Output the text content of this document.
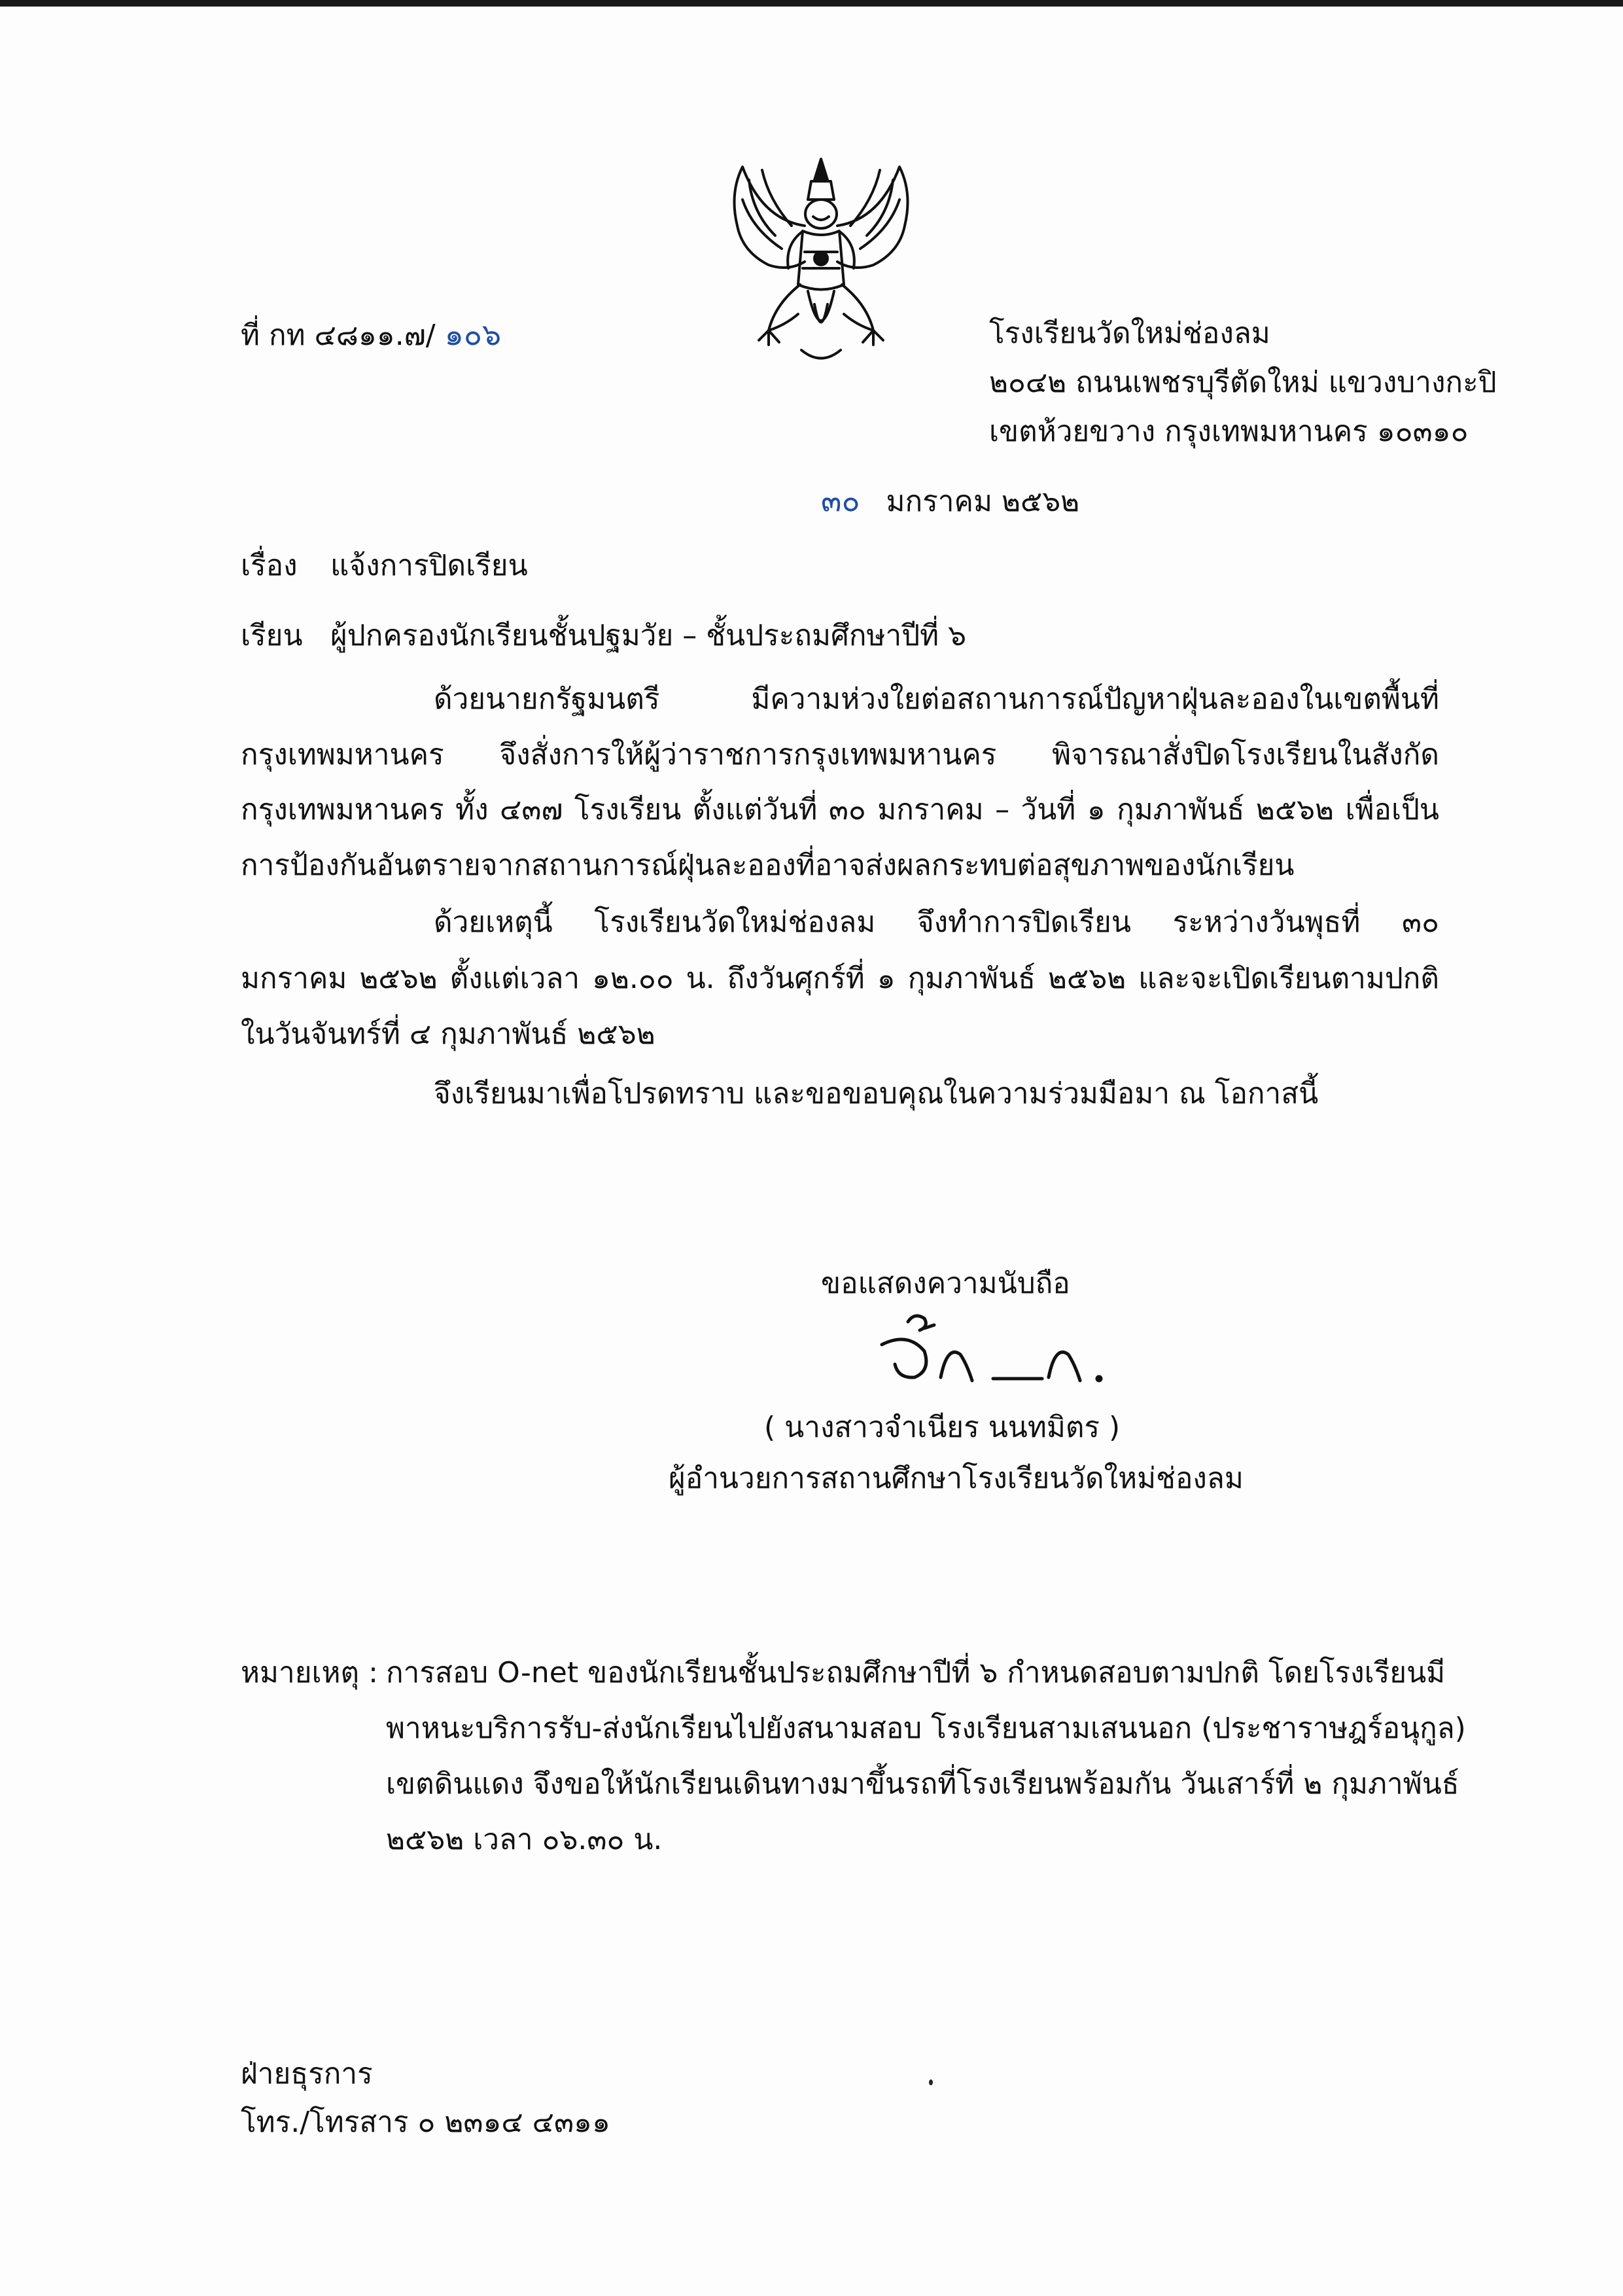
ที่ กท ๔๘๑๑.๗/ ๑๐๖	โรงเรียนวัดใหม่ช่องลม
๒๐๔๒ ถนนเพชรบุรีตัดใหม่ แขวงบางกะปิ
เขตห้วยขวาง กรุงเทพมหานคร ๑๐๓๑๐
๓๐ มกราคม ๒๕๖๒
เรื่อง แจ้งการปิดเรียน
เรียน ผู้ปกครองนักเรียนชั้นปฐมวัย – ชั้นประถมศึกษาปีที่ ๖
ด้วยนายกรัฐมนตรี มีความห่วงใยต่อสถานการณ์ปัญหาฝุ่นละอองในเขตพื้นที่
กรุงเทพมหานคร จึงสั่งการให้ผู้ว่าราชการกรุงเทพมหานคร พิจารณาสั่งปิดโรงเรียนในสังกัด
กรุงเทพมหานคร ทั้ง ๔๓๗ โรงเรียน ตั้งแต่วันที่ ๓๐ มกราคม – วันที่ ๑ กุมภาพันธ์ ๒๕๖๒ เพื่อเป็น
การป้องกันอันตรายจากสถานการณ์ฝุ่นละอองที่อาจส่งผลกระทบต่อสุขภาพของนักเรียน
ด้วยเหตุนี้ โรงเรียนวัดใหม่ช่องลม จึงทำการปิดเรียน ระหว่างวันพุธที่ ๓๐
มกราคม ๒๕๖๒ ตั้งแต่เวลา ๑๒.๐๐ น. ถึงวันศุกร์ที่ ๑ กุมภาพันธ์ ๒๕๖๒ และจะเปิดเรียนตามปกติ
ในวันจันทร์ที่ ๔ กุมภาพันธ์ ๒๕๖๒
จึงเรียนมาเพื่อโปรดทราบ และขอขอบคุณในความร่วมมือมา ณ โอกาสนี้
ขอแสดงความนับถือ
( นางสาวจำเนียร นนทมิตร )
ผู้อำนวยการสถานศึกษาโรงเรียนวัดใหม่ช่องลม
หมายเหตุ : การสอบ O-net ของนักเรียนชั้นประถมศึกษาปีที่ ๖ กำหนดสอบตามปกติ โดยโรงเรียนมี
พาหนะบริการรับ-ส่งนักเรียนไปยังสนามสอบ โรงเรียนสามเสนนอก (ประชาราษฎร์อนุกูล)
เขตดินแดง จึงขอให้นักเรียนเดินทางมาขึ้นรถที่โรงเรียนพร้อมกัน วันเสาร์ที่ ๒ กุมภาพันธ์
๒๕๖๒ เวลา ๐๖.๓๐ น.
ฝ่ายธุรการ
โทร./โทรสาร ๐ ๒๓๑๔ ๔๓๑๑
